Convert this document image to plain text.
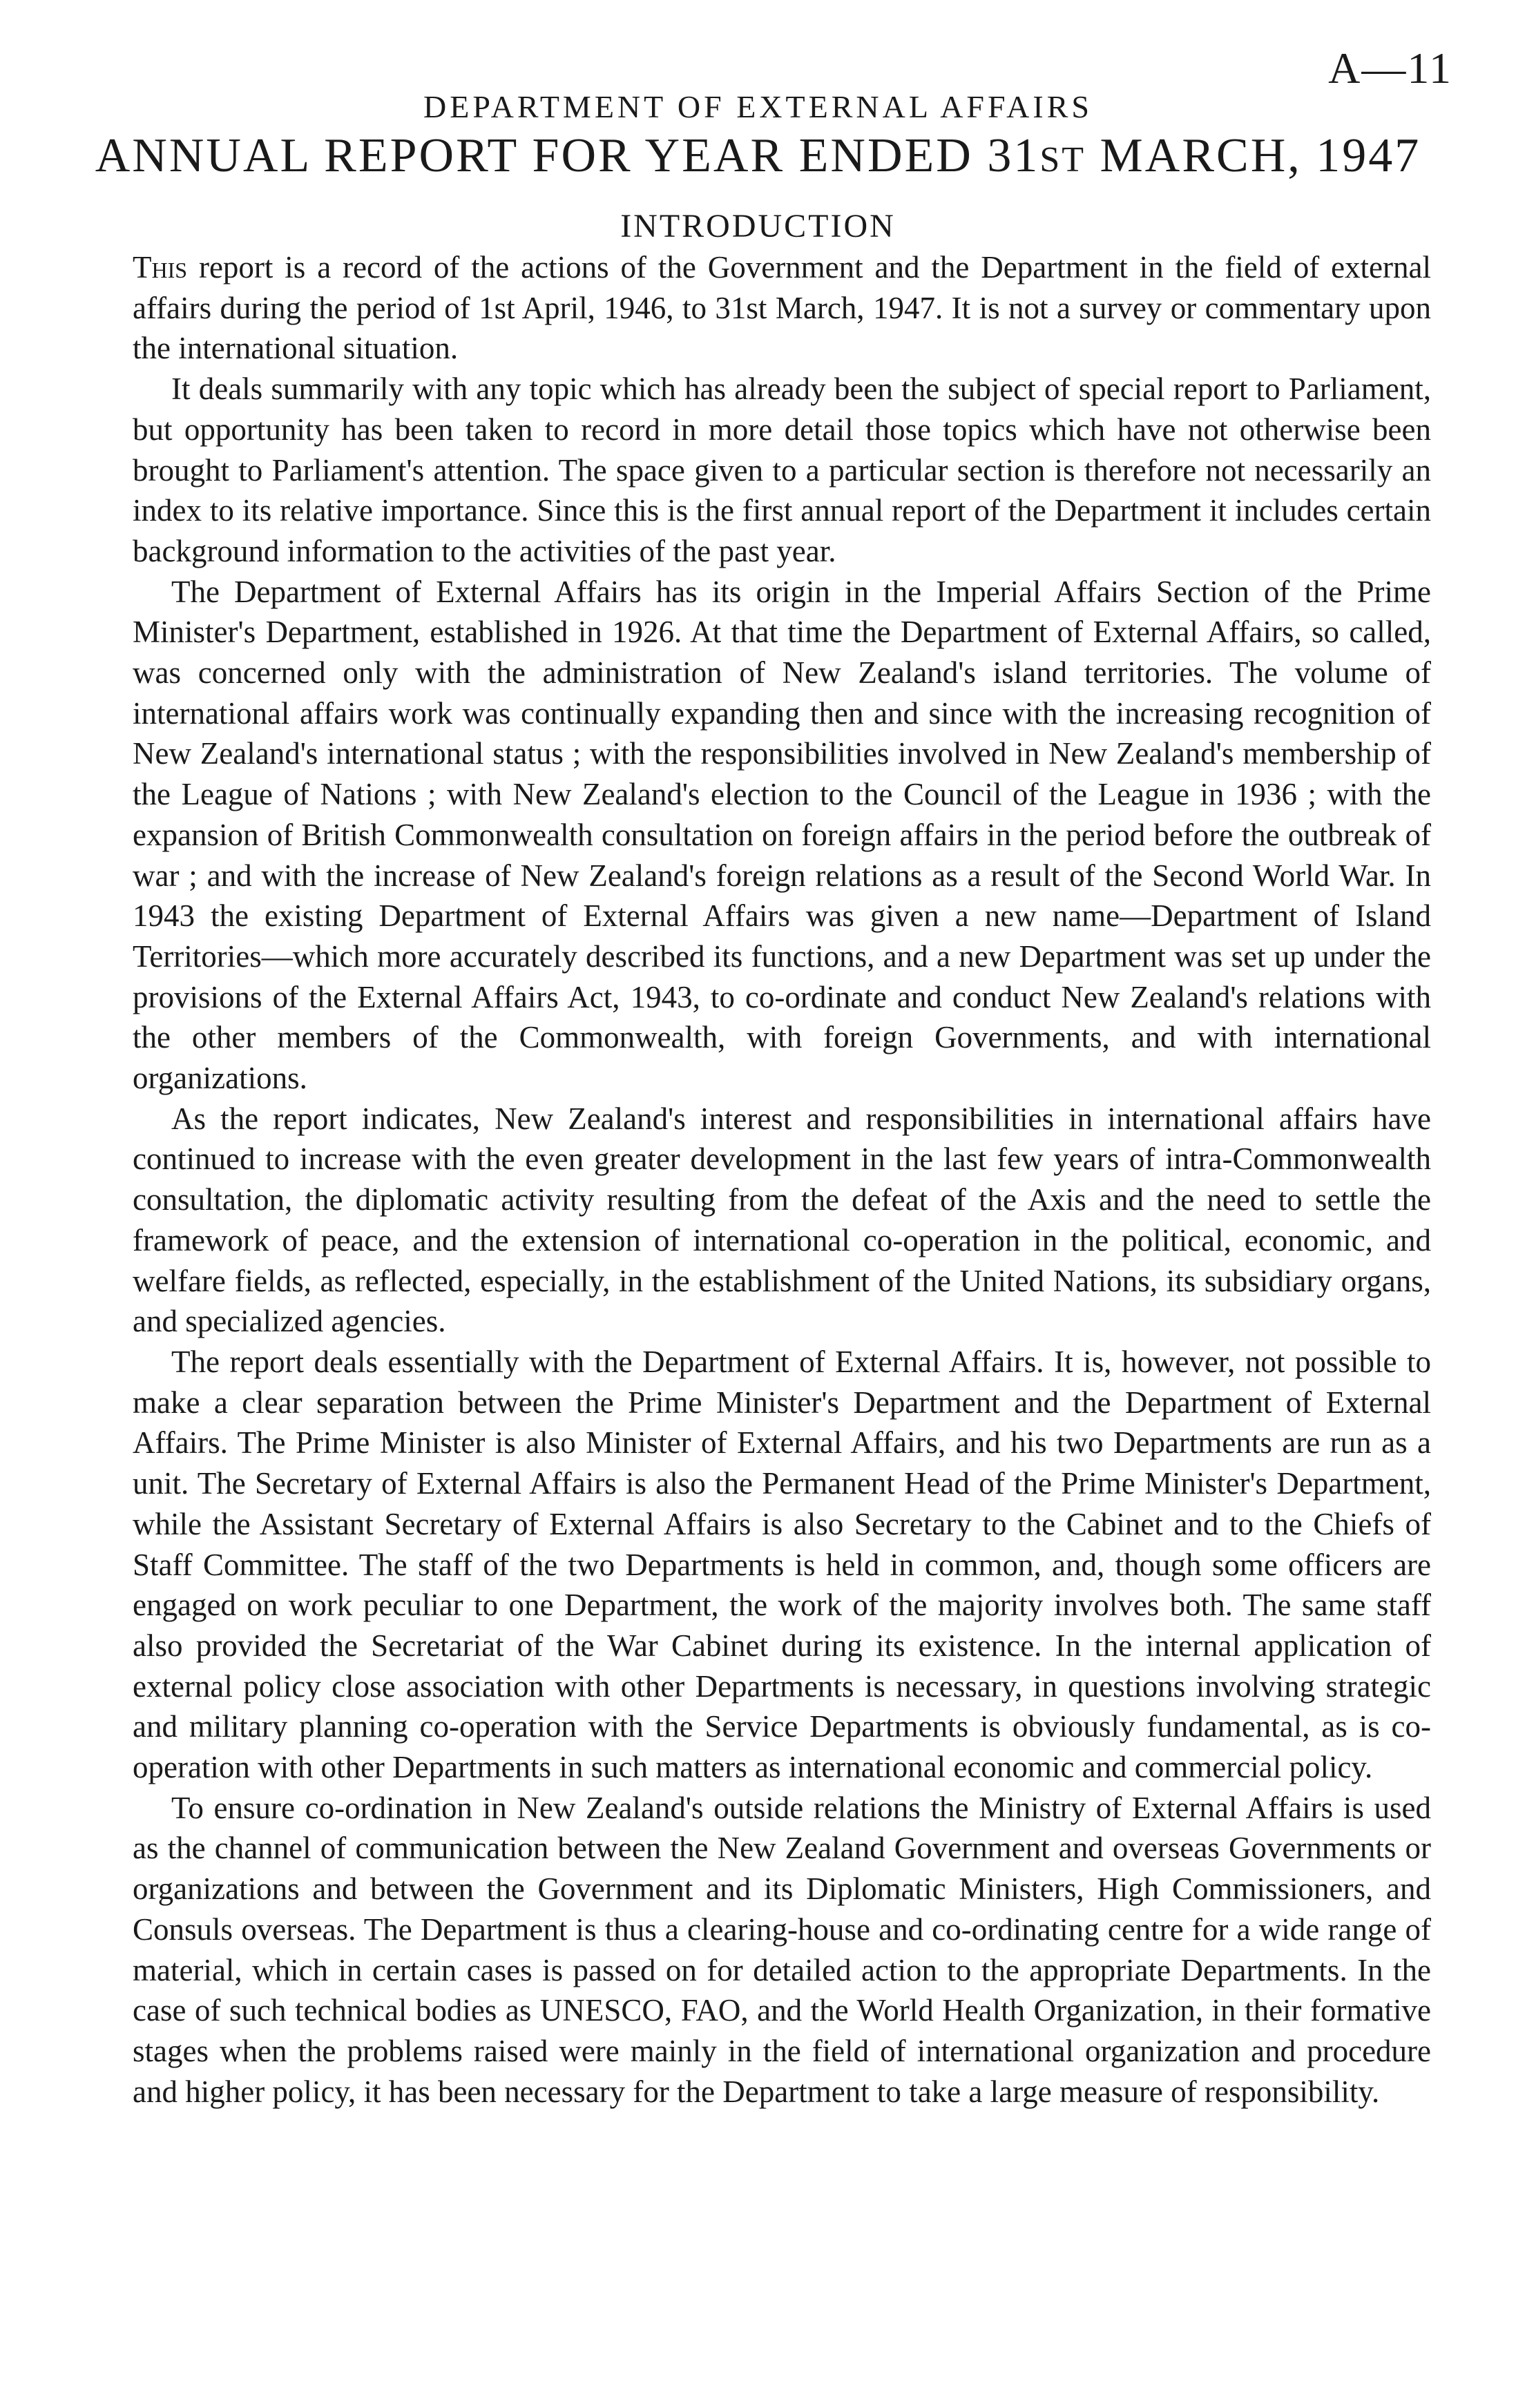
A—11
DEPARTMENT OF EXTERNAL AFFAIRS
ANNUAL REPORT FOR YEAR ENDED 31ST MARCH, 1947
INTRODUCTION

This report is a record of the actions of the Government and the Department in the field of external affairs during the period of 1st April, 1946, to 31st March, 1947. It is not a survey or commentary upon the international situation.

It deals summarily with any topic which has already been the subject of special report to Parliament, but opportunity has been taken to record in more detail those topics which have not otherwise been brought to Parliament's attention. The space given to a particular section is therefore not necessarily an index to its relative importance. Since this is the first annual report of the Department it includes certain background information to the activities of the past year.

The Department of External Affairs has its origin in the Imperial Affairs Section of the Prime Minister's Department, established in 1926. At that time the Department of External Affairs, so called, was concerned only with the administration of New Zealand's island territories. The volume of international affairs work was continually expanding then and since with the increasing recognition of New Zealand's international status ; with the responsibilities involved in New Zealand's membership of the League of Nations ; with New Zealand's election to the Council of the League in 1936 ; with the expansion of British Commonwealth consultation on foreign affairs in the period before the outbreak of war ; and with the increase of New Zealand's foreign relations as a result of the Second World War. In 1943 the existing Department of External Affairs was given a new name—Department of Island Territories—which more accurately described its functions, and a new Department was set up under the provisions of the External Affairs Act, 1943, to co-ordinate and conduct New Zealand's relations with the other members of the Commonwealth, with foreign Governments, and with international organizations.

As the report indicates, New Zealand's interest and responsibilities in international affairs have continued to increase with the even greater development in the last few years of intra-Commonwealth consultation, the diplomatic activity resulting from the defeat of the Axis and the need to settle the framework of peace, and the extension of international co-operation in the political, economic, and welfare fields, as reflected, especially, in the establishment of the United Nations, its subsidiary organs, and specialized agencies.

The report deals essentially with the Department of External Affairs. It is, however, not possible to make a clear separation between the Prime Minister's Department and the Department of External Affairs. The Prime Minister is also Minister of External Affairs, and his two Departments are run as a unit. The Secretary of External Affairs is also the Permanent Head of the Prime Minister's Department, while the Assistant Secretary of External Affairs is also Secretary to the Cabinet and to the Chiefs of Staff Committee. The staff of the two Departments is held in common, and, though some officers are engaged on work peculiar to one Department, the work of the majority involves both. The same staff also provided the Secretariat of the War Cabinet during its existence. In the internal application of external policy close association with other Departments is necessary, in questions involving strategic and military planning co-operation with the Service Departments is obviously fundamental, as is co-operation with other Departments in such matters as international economic and commercial policy.

To ensure co-ordination in New Zealand's outside relations the Ministry of External Affairs is used as the channel of communication between the New Zealand Government and overseas Governments or organizations and between the Government and its Diplomatic Ministers, High Commissioners, and Consuls overseas. The Department is thus a clearing-house and co-ordinating centre for a wide range of material, which in certain cases is passed on for detailed action to the appropriate Departments. In the case of such technical bodies as UNESCO, FAO, and the World Health Organization, in their formative stages when the problems raised were mainly in the field of international organization and procedure and higher policy, it has been necessary for the Department to take a large measure of responsibility.
